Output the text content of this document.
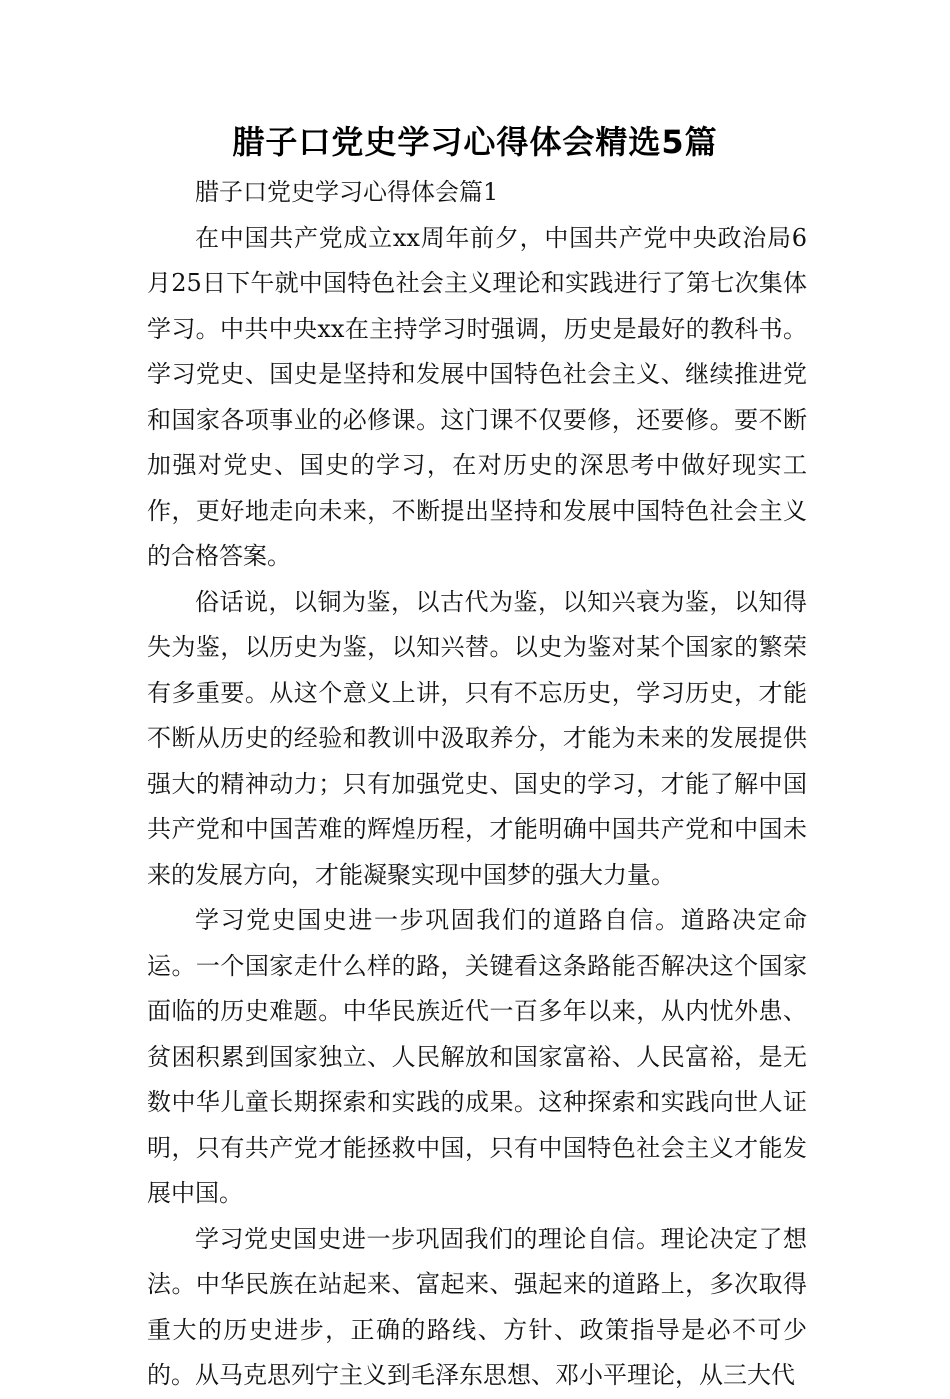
腊子口党史学习心得体会精选5篇

腊子口党史学习心得体会篇1

在中国共产党成立xx周年前夕，中国共产党中央政治局6月25日下午就中国特色社会主义理论和实践进行了第七次集体学习。中共中央xx在主持学习时强调，历史是最好的教科书。学习党史、国史是坚持和发展中国特色社会主义、继续推进党和国家各项事业的必修课。这门课不仅要修，还要修。要不断加强对党史、国史的学习，在对历史的深思考中做好现实工作，更好地走向未来，不断提出坚持和发展中国特色社会主义的合格答案。

俗话说，以铜为鉴，以古代为鉴，以知兴衰为鉴，以知得失为鉴，以历史为鉴，以知兴替。以史为鉴对某个国家的繁荣有多重要。从这个意义上讲，只有不忘历史，学习历史，才能不断从历史的经验和教训中汲取养分，才能为未来的发展提供强大的精神动力；只有加强党史、国史的学习，才能了解中国共产党和中国苦难的辉煌历程，才能明确中国共产党和中国未来的发展方向，才能凝聚实现中国梦的强大力量。

学习党史国史进一步巩固我们的道路自信。道路决定命运。一个国家走什么样的路，关键看这条路能否解决这个国家面临的历史难题。中华民族近代一百多年以来，从内忧外患、贫困积累到国家独立、人民解放和国家富裕、人民富裕，是无数中华儿童长期探索和实践的成果。这种探索和实践向世人证明，只有共产党才能拯救中国，只有中国特色社会主义才能发展中国。

学习党史国史进一步巩固我们的理论自信。理论决定了想法。中华民族在站起来、富起来、强起来的道路上，多次取得重大的历史进步，正确的路线、方针、政策指导是必不可少的。从马克思列宁主义到毛泽东思想、邓小平理论，从三大代
